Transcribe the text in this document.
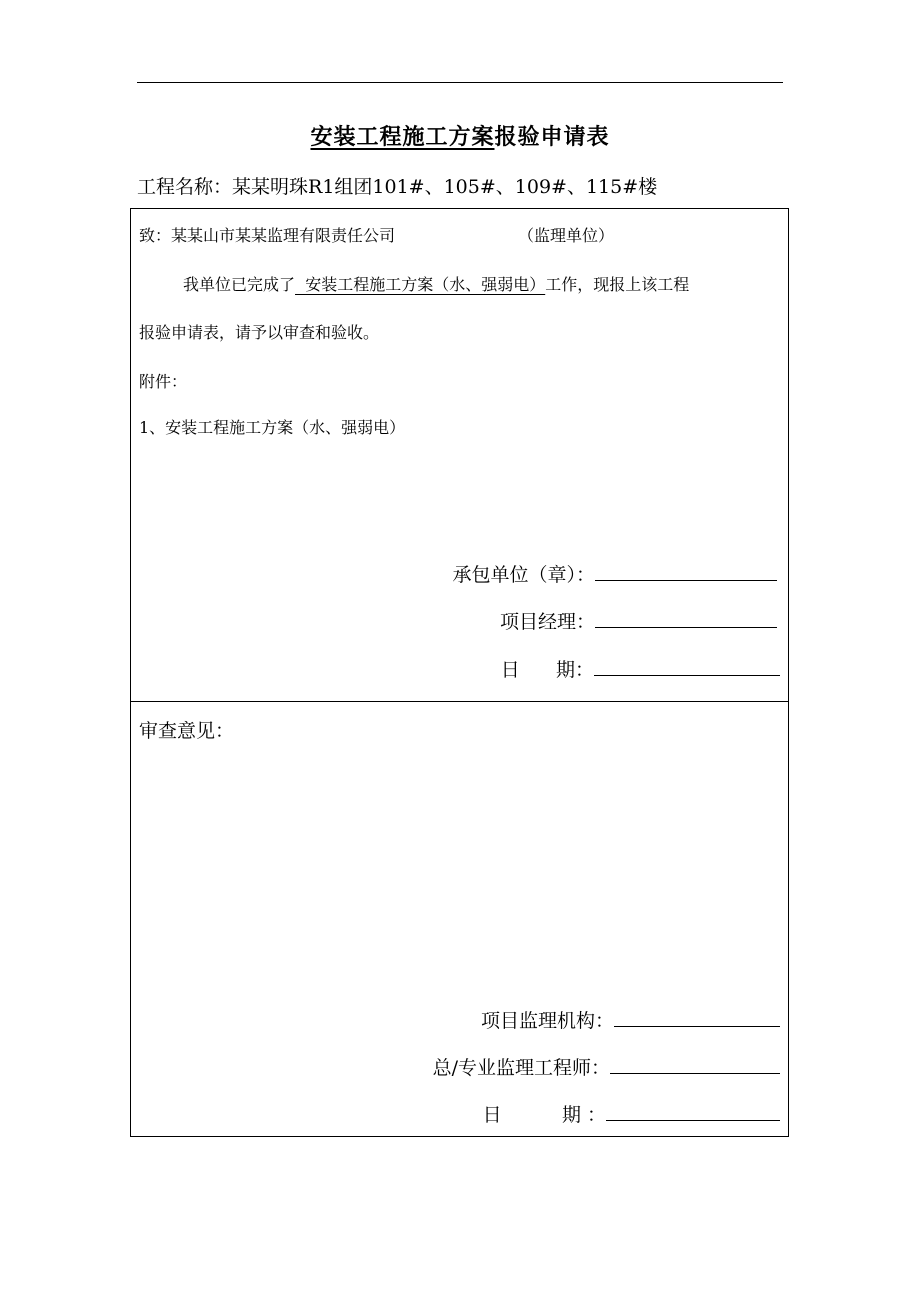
安装工程施工方案报验申请表
工程名称：某某明珠R1组团101#、105#、109#、115#楼
致：某某山市某某监理有限责任公司	（监理单位）
我单位已完成了  安装工程施工方案（水、强弱电）工作，现报上该工程
报验申请表，请予以审查和验收。
附件：
1、安装工程施工方案（水、强弱电）
承包单位（章）：
项目经理：
日      期：
审查意见：
项目监理机构：
总/专业监理工程师：
日          期 ：
